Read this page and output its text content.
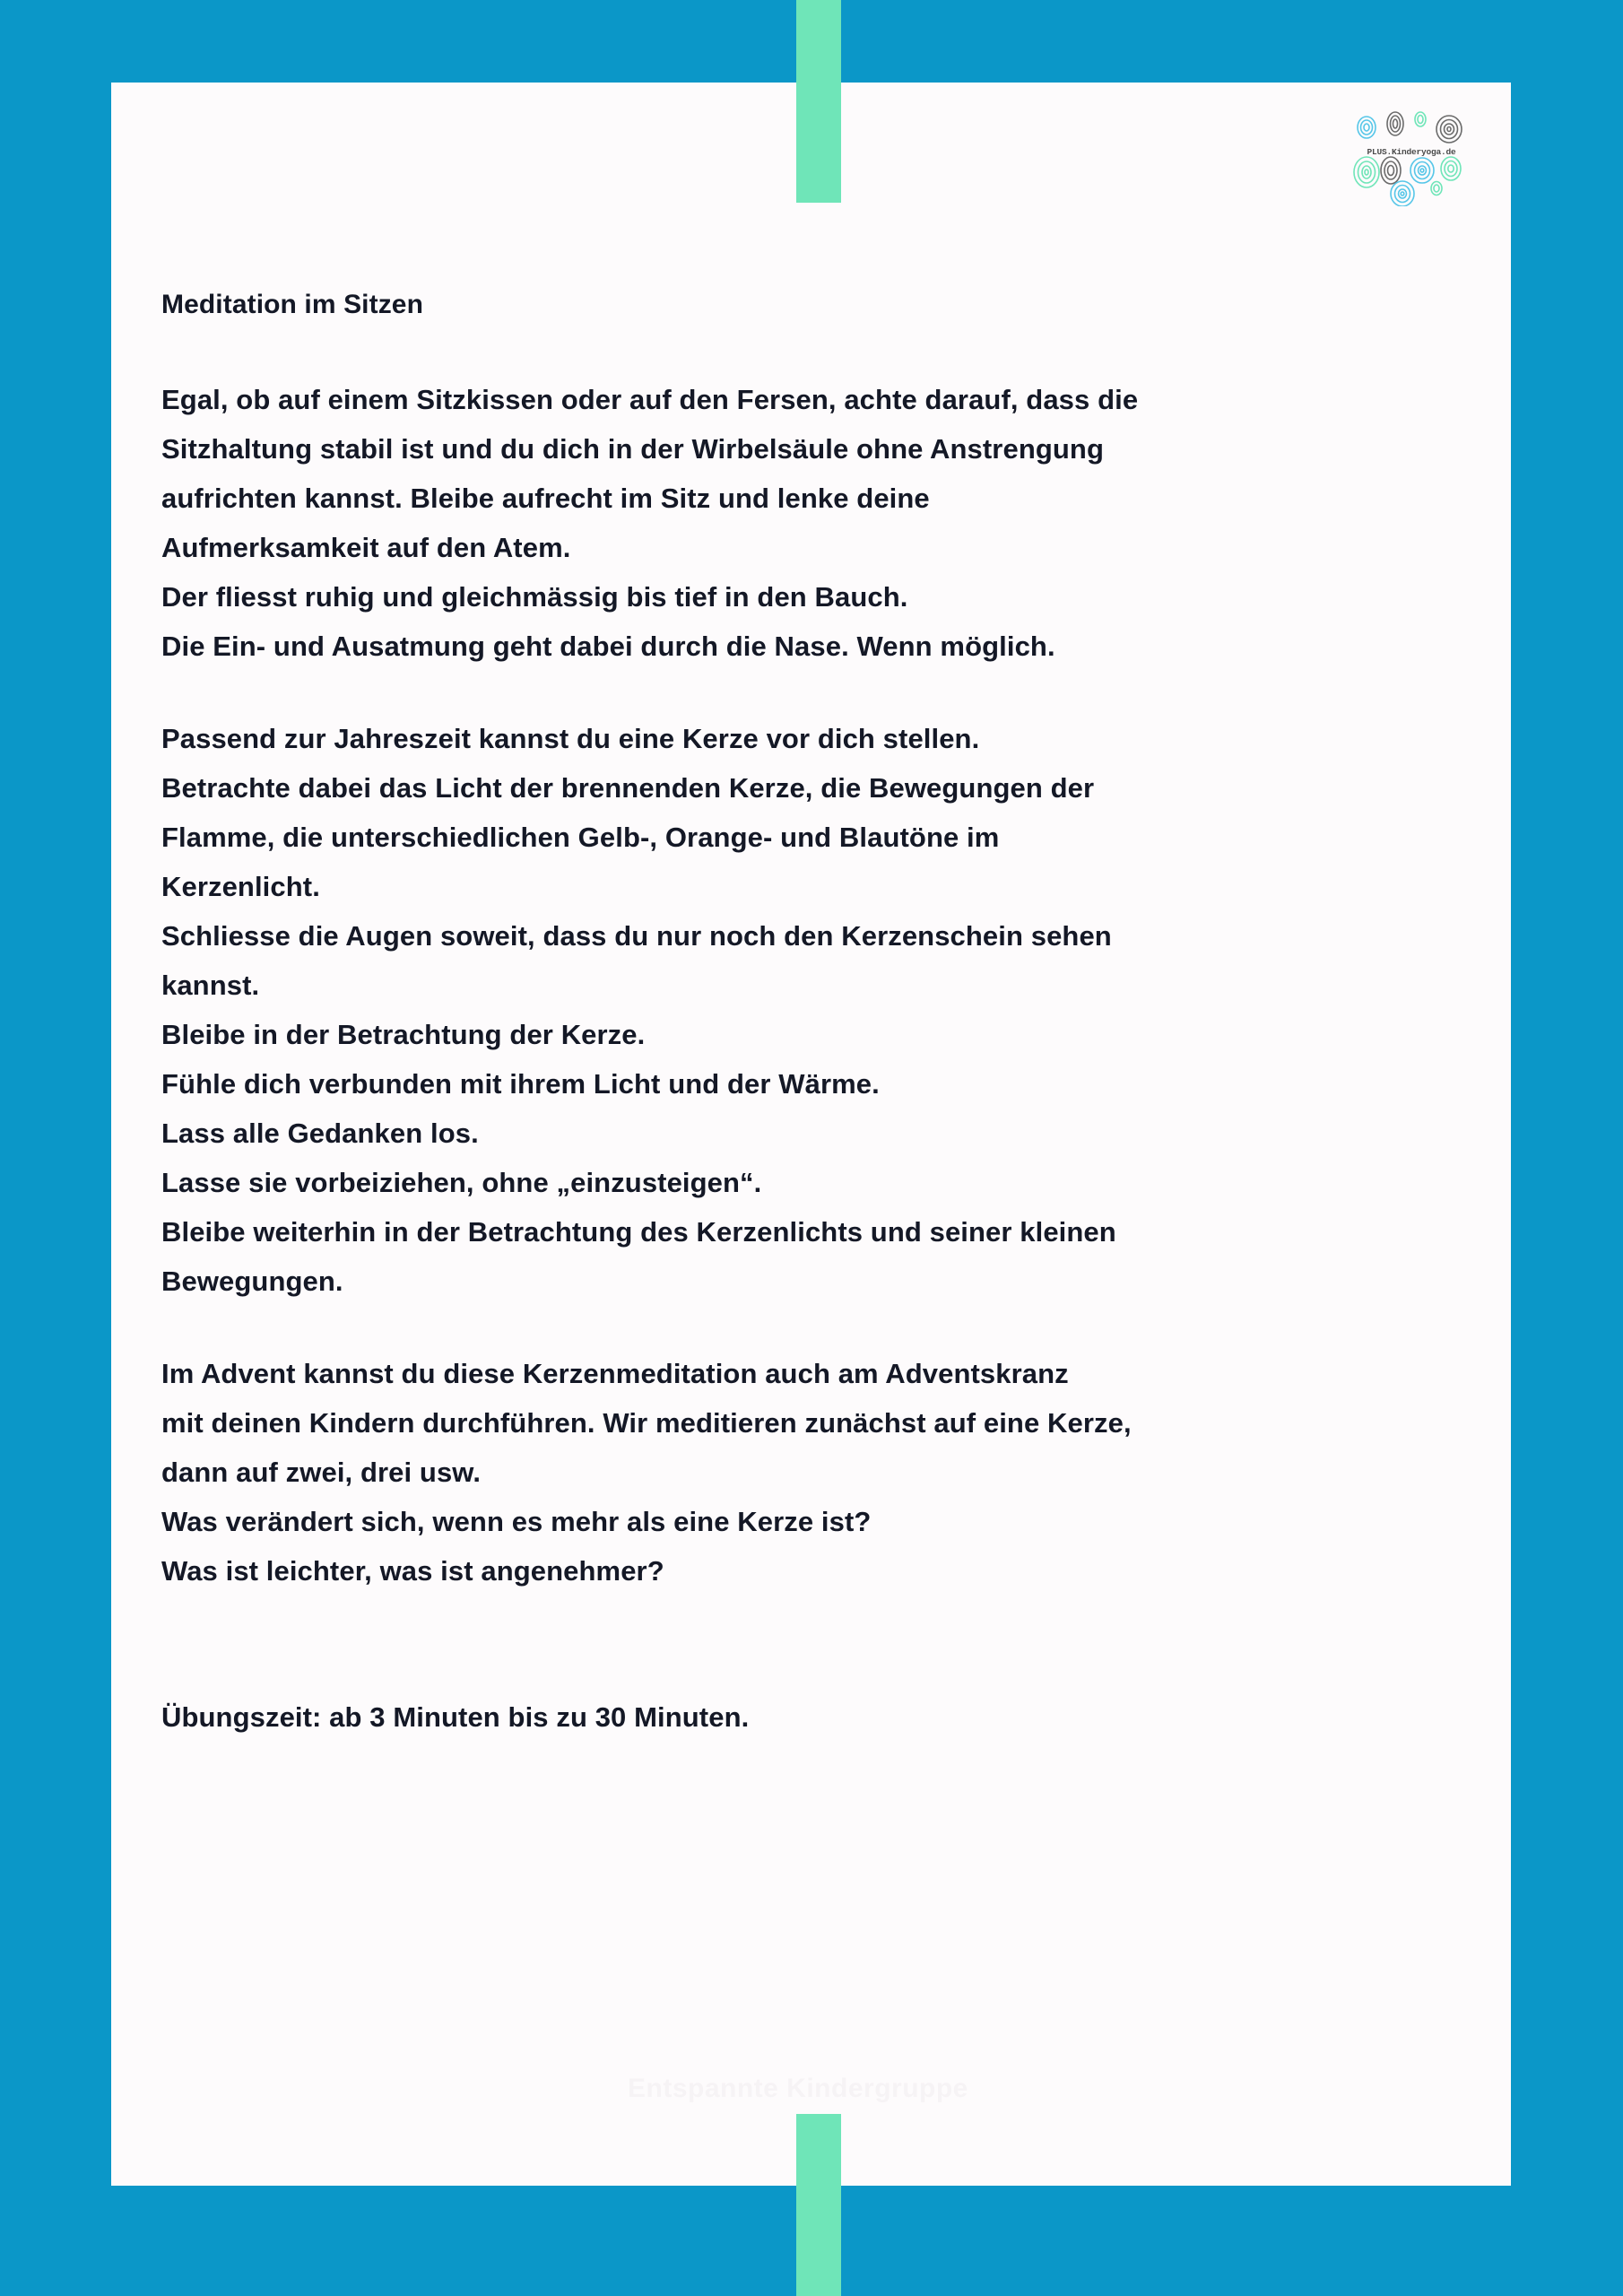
PLUS.Kinderyoga.de
Meditation im Sitzen
Egal, ob auf einem Sitzkissen oder auf den Fersen, achte darauf, dass die
Sitzhaltung stabil ist und du dich in der Wirbelsäule ohne Anstrengung
aufrichten kannst. Bleibe aufrecht im Sitz und lenke deine
Aufmerksamkeit auf den Atem.
Der fliesst ruhig und gleichmässig bis tief in den Bauch.
Die Ein- und Ausatmung geht dabei durch die Nase. Wenn möglich.
Passend zur Jahreszeit kannst du eine Kerze vor dich stellen.
Betrachte dabei das Licht der brennenden Kerze, die Bewegungen der
Flamme, die unterschiedlichen Gelb-, Orange- und Blautöne im
Kerzenlicht.
Schliesse die Augen soweit, dass du nur noch den Kerzenschein sehen
kannst.
Bleibe in der Betrachtung der Kerze.
Fühle dich verbunden mit ihrem Licht und der Wärme.
Lass alle Gedanken los.
Lasse sie vorbeiziehen, ohne „einzusteigen“.
Bleibe weiterhin in der Betrachtung des Kerzenlichts und seiner kleinen
Bewegungen.
Im Advent kannst du diese Kerzenmeditation auch am Adventskranz
mit deinen Kindern durchführen. Wir meditieren zunächst auf eine Kerze,
dann auf zwei, drei usw.
Was verändert sich, wenn es mehr als eine Kerze ist?
Was ist leichter, was ist angenehmer?
Übungszeit: ab 3 Minuten bis zu 30 Minuten.
